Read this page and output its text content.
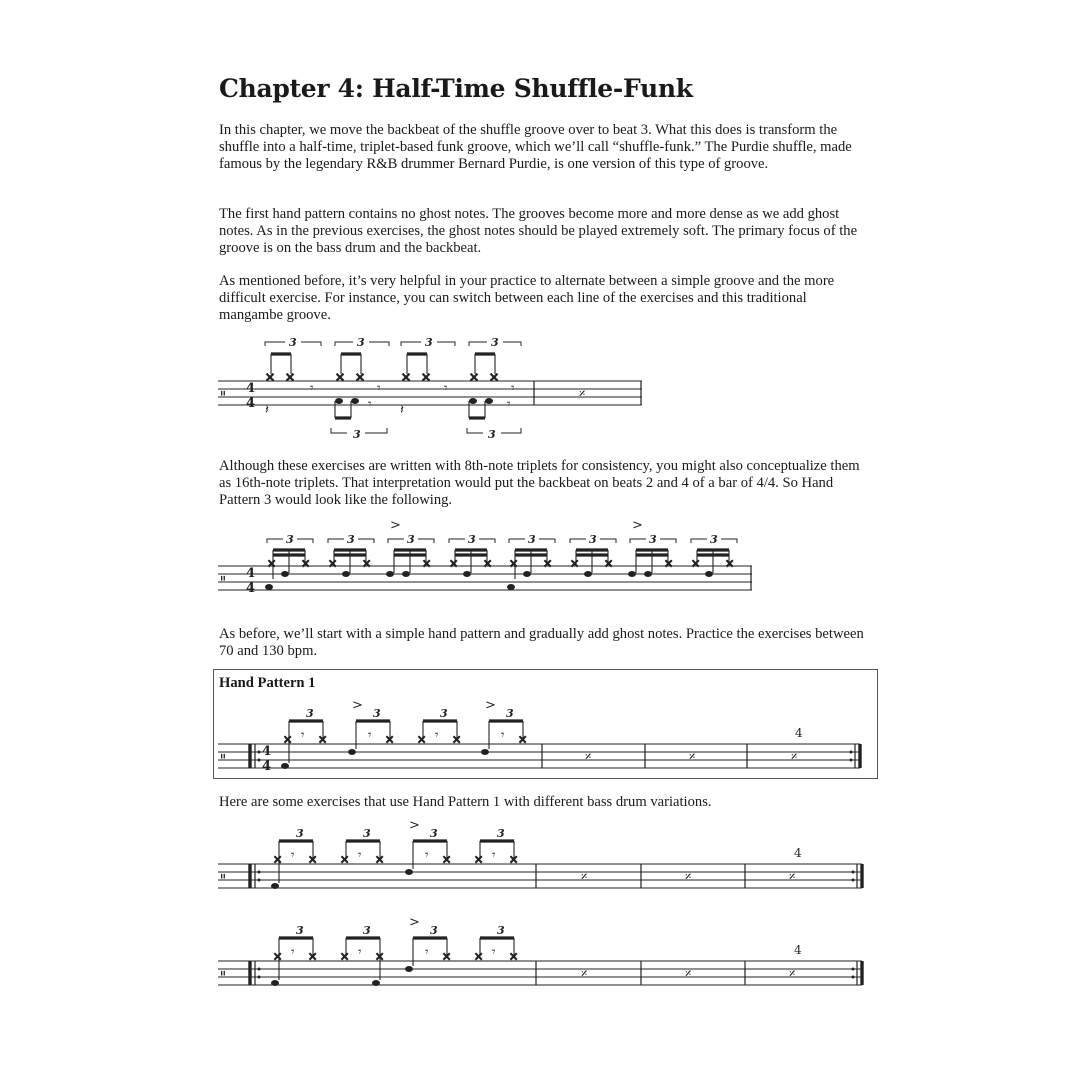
Chapter 4: Half-Time Shuffle-Funk

In this chapter, we move the backbeat of the shuffle groove over to beat 3. What this does is transform the shuffle into a half-time, triplet-based funk groove, which we’ll call “shuffle-funk.” The Purdie shuffle, made famous by the legendary R&B drummer Bernard Purdie, is one version of this type of groove.

The first hand pattern contains no ghost notes. The grooves become more and more dense as we add ghost notes. As in the previous exercises, the ghost notes should be played extremely soft. The primary focus of the groove is on the bass drum and the backbeat.

As mentioned before, it’s very helpful in your practice to alternate between a simple groove and the more difficult exercise. For instance, you can switch between each line of the exercises and this traditional mangambe groove.

𝄥 4
4
3
× ×
𝄾
3
× ×
𝄾
3
× ×
𝄾
3
× ×
𝄾
𝄽	𝄾
3
𝄽	𝄾
3
𝄎

Although these exercises are written with 8th-note triplets for consistency, you might also conceptualize them as 16th-note triplets. That interpretation would put the backbeat on beats 2 and 4 of a bar of 4/4. So Hand Pattern 3 would look like the following.

𝄥 4
4
3
× ×
3
× ×
>
3
×
3
× ×
3
× ×
3
× ×
>
3
×
3
× ×

As before, we’ll start with a simple hand pattern and gradually add ghost notes. Practice the exercises between 70 and 130 bpm.

Hand Pattern 1

𝄥	4
4
3
× 𝄾 ×
>
3
𝄾 ×
3
× 𝄾 ×
>
3
𝄾 ×
𝄎	𝄎
4
𝄎

Here are some exercises that use Hand Pattern 1 with different bass drum variations.

𝄥
3
× 𝄾 ×
3
× 𝄾 ×
>
3
𝄾 ×
3
× 𝄾 ×
𝄎	𝄎
4
𝄎
𝄥
3
× 𝄾 ×
3
× 𝄾 ×
>
3
𝄾 ×
3
× 𝄾 ×
𝄎	𝄎
4
𝄎
